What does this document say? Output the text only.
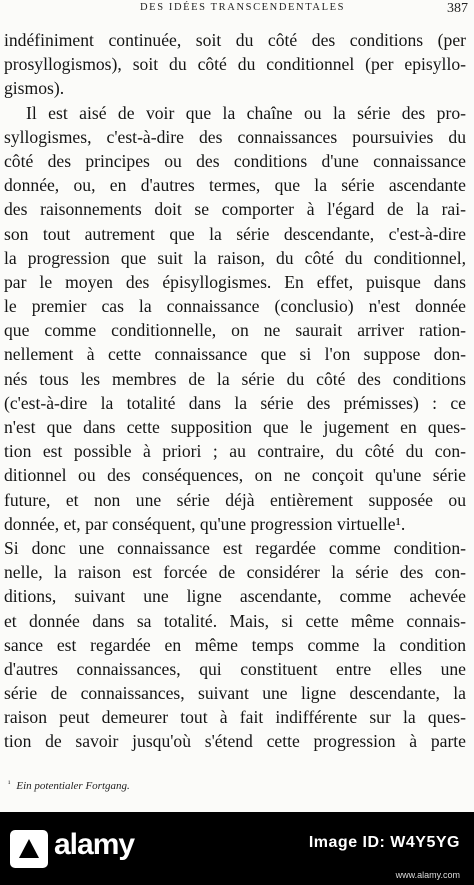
DES IDÉES TRANSCENDENTALES	387
indéfiniment continuée, soit du côté des conditions (per
prosyllogismos), soit du côté du conditionnel (per episyllo-
gismos).
Il est aisé de voir que la chaîne ou la série des pro-
syllogismes, c'est-à-dire des connaissances poursuivies du
côté des principes ou des conditions d'une connaissance
donnée, ou, en d'autres termes, que la série ascendante
des raisonnements doit se comporter à l'égard de la rai-
son tout autrement que la série descendante, c'est-à-dire
la progression que suit la raison, du côté du conditionnel,
par le moyen des épisyllogismes. En effet, puisque dans
le premier cas la connaissance (conclusio) n'est donnée
que comme conditionnelle, on ne saurait arriver ration-
nellement à cette connaissance que si l'on suppose don-
nés tous les membres de la série du côté des conditions
(c'est-à-dire la totalité dans la série des prémisses) : ce
n'est que dans cette supposition que le jugement en ques-
tion est possible à priori ; au contraire, du côté du con-
ditionnel ou des conséquences, on ne conçoit qu'une série
future, et non une série déjà entièrement supposée ou
donnée, et, par conséquent, qu'une progression virtuelle¹.
Si donc une connaissance est regardée comme condition-
nelle, la raison est forcée de considérer la série des con-
ditions, suivant une ligne ascendante, comme achevée
et donnée dans sa totalité. Mais, si cette même connais-
sance est regardée en même temps comme la condition
d'autres connaissances, qui constituent entre elles une
série de connaissances, suivant une ligne descendante, la
raison peut demeurer tout à fait indifférente sur la ques-
tion de savoir jusqu'où s'étend cette progression à parte
$^{^1}$ Ein potentialer Fortgang.
alamy	Image ID: W4Y5YG
www.alamy.com
